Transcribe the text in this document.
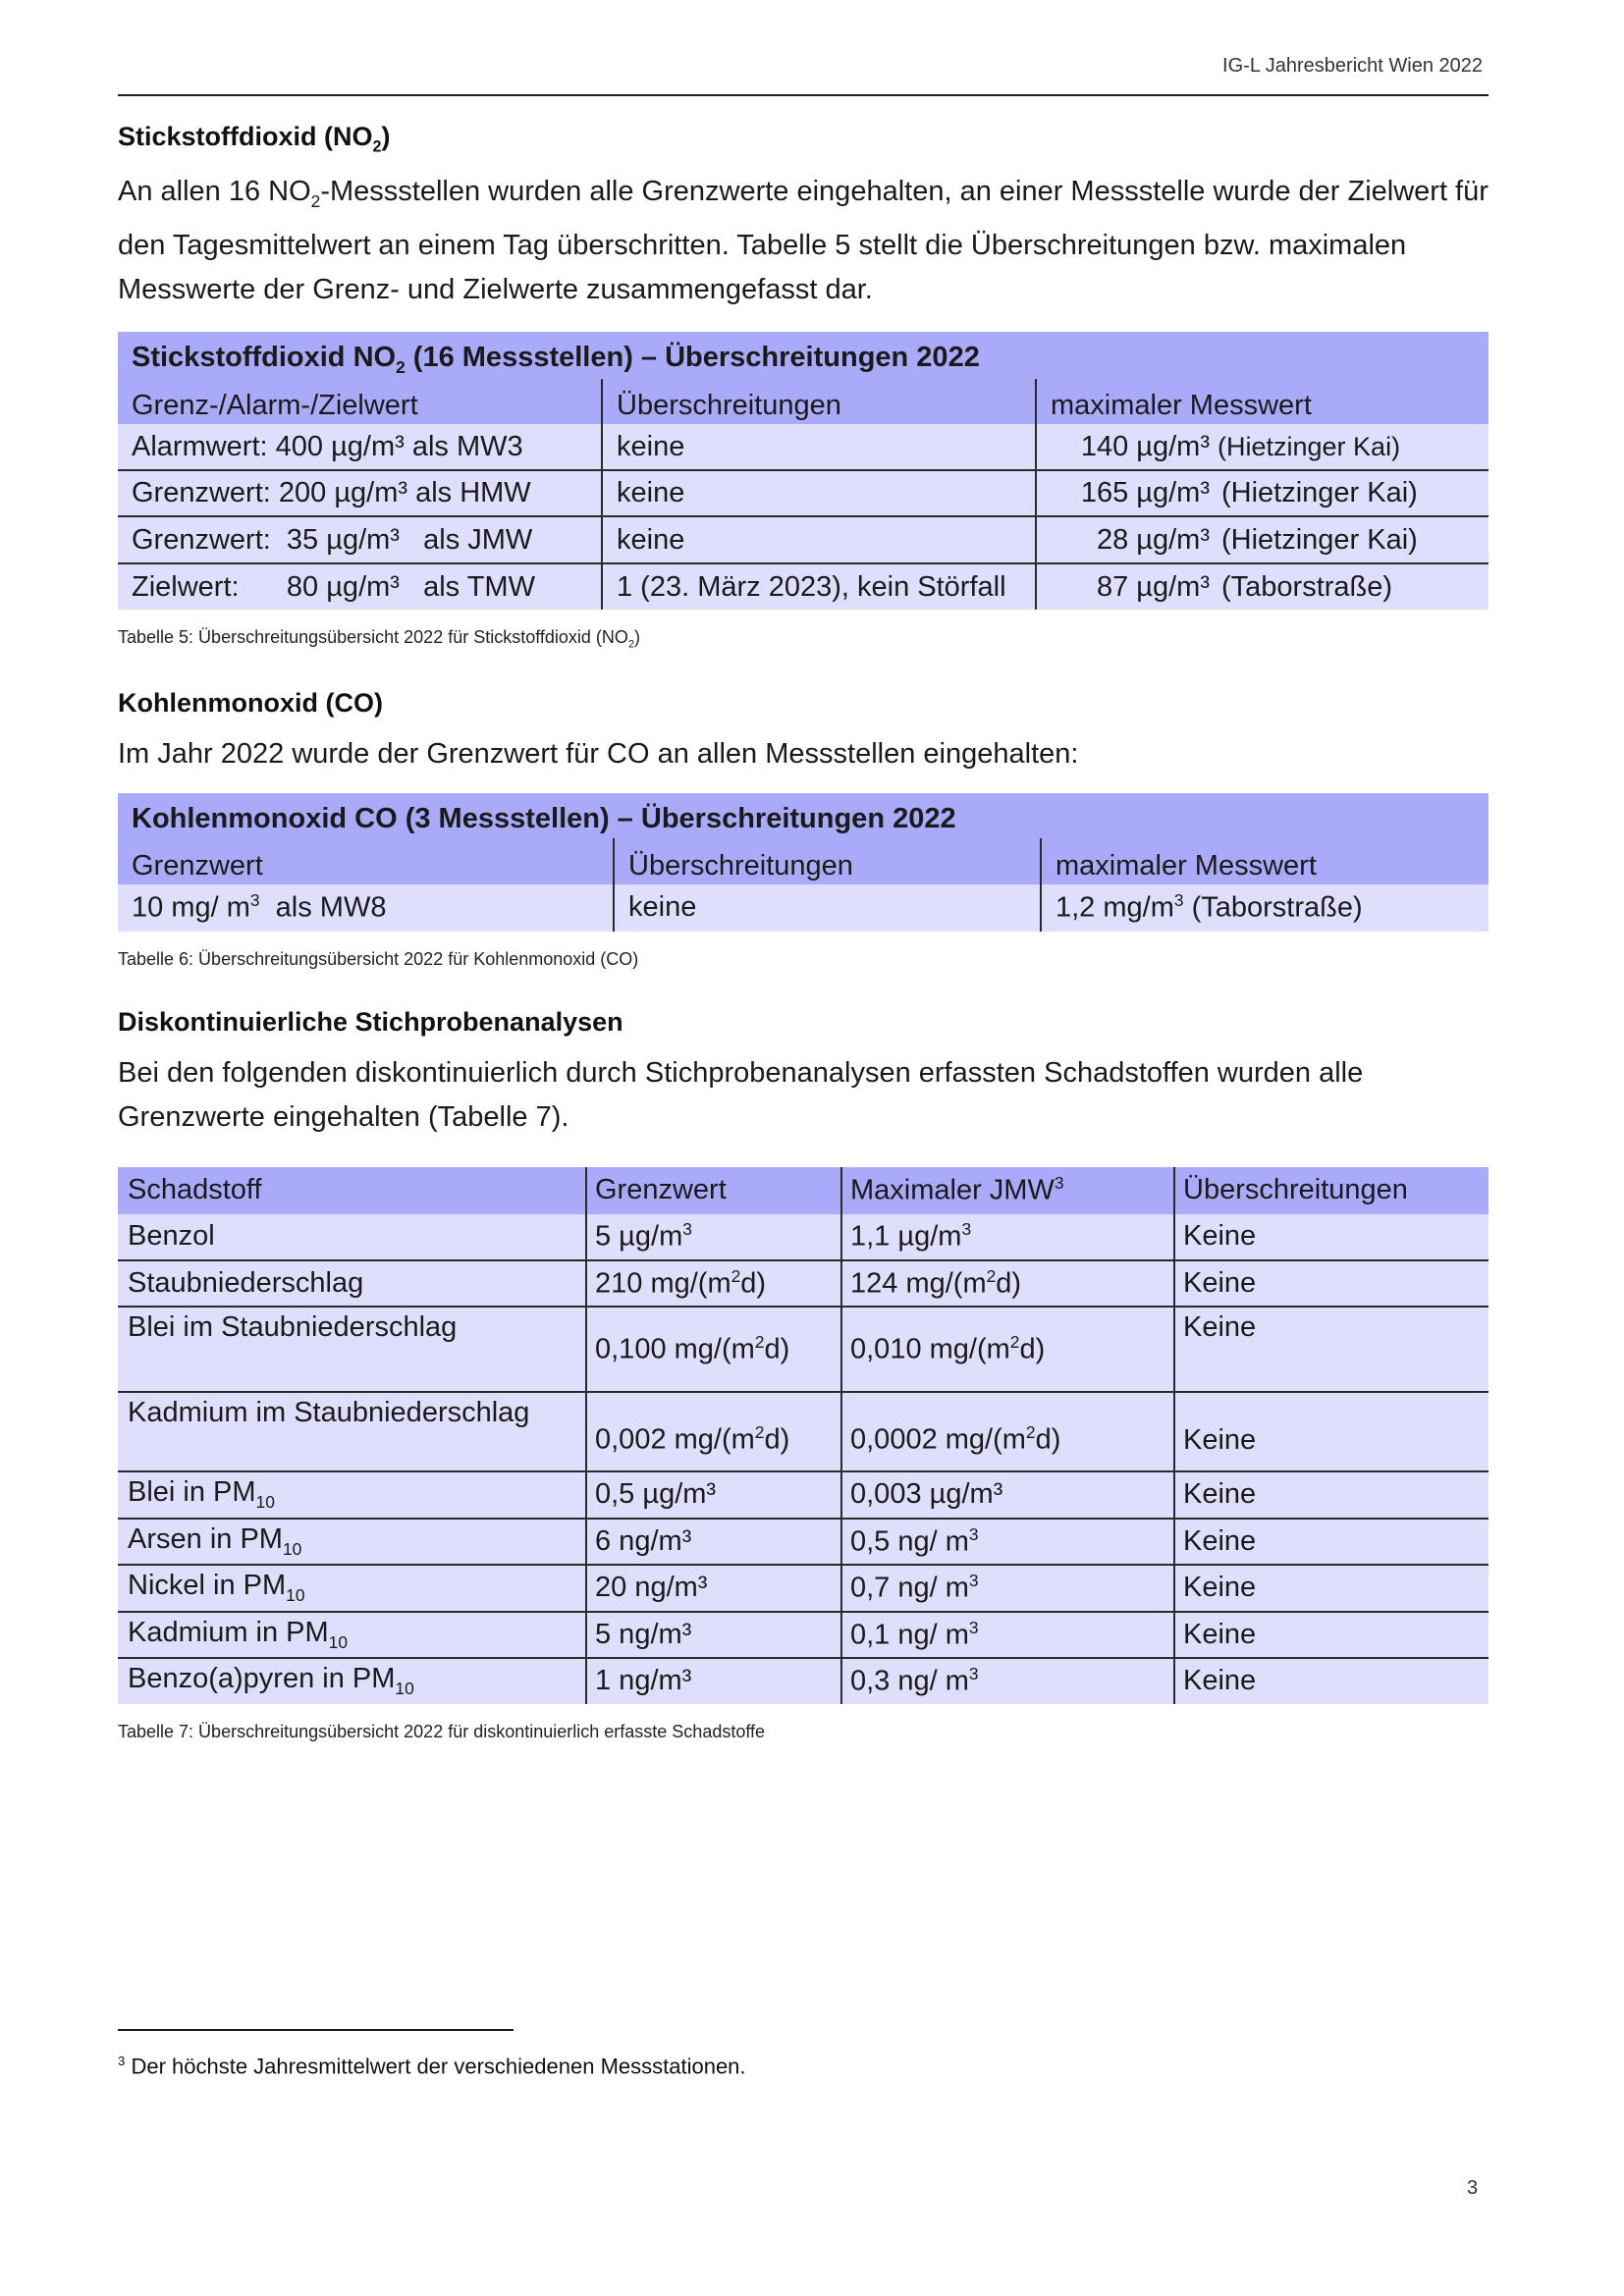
IG-L Jahresbericht Wien 2022
Stickstoffdioxid $(NO_2)$

An allen 16 $NO_2$-Messstellen wurden alle Grenzwerte eingehalten, an einer Messstelle wurde der Zielwert für
den Tagesmittelwert an einem Tag überschritten. Tabelle 5 stellt die Überschreitungen bzw. maximalen
Messwerte der Grenz- und Zielwerte zusammengefasst dar.

Stickstoffdioxid $NO_2$ (16 Messstellen) – Überschreitungen 2022		
Grenz-/Alarm-/Zielwert	Überschreitungen	maximaler Messwert
Alarmwert: 400 µg/m³ als MW3	keine	140 µg/m³ (Hietzinger Kai)
Grenzwert: 200 µg/m³ als HMW	keine	165 µg/m³ (Hietzinger Kai)
Grenzwert:  35 µg/m³   als JMW	keine	28 µg/m³ (Hietzinger Kai)
Zielwert:      80 µg/m³   als TMW	1 (23. März 2023), kein Störfall	87 µg/m³ (Taborstraße)

Tabelle 5: Überschreitungsübersicht 2022 für Stickstoffdioxid $(NO_2)$

Kohlenmonoxid (CO)

Im Jahr 2022 wurde der Grenzwert für CO an allen Messstellen eingehalten:

Kohlenmonoxid CO (3 Messstellen) – Überschreitungen 2022		
Grenzwert	Überschreitungen	maximaler Messwert
10 mg/ $m^3$  als MW8	keine	1,2 $mg/m^3$ (Taborstraße)

Tabelle 6: Überschreitungsübersicht 2022 für Kohlenmonoxid (CO)

Diskontinuierliche Stichprobenanalysen

Bei den folgenden diskontinuierlich durch Stichprobenanalysen erfassten Schadstoffen wurden alle
Grenzwerte eingehalten (Tabelle 7).

Schadstoff	Grenzwert	Maximaler JMW$^3$	Überschreitungen
Benzol	5 $\mu g/m^3$	1,1 $\mu g/m^3$	Keine
Staubniederschlag	210 $mg/(m^2d)$	124 $mg/(m^2d)$	Keine
Blei im Staubniederschlag	0,100 $mg/(m^2d)$	0,010 $mg/(m^2d)$	Keine
Kadmium im Staubniederschlag	0,002 $mg/(m^2d)$	0,0002 $mg/(m^2d)$	Keine
Blei in $PM_{10}$	0,5 µg/m³	0,003 µg/m³	Keine
Arsen in $PM_{10}$	6 ng/m³	0,5 ng/ $m^3$	Keine
Nickel in $PM_{10}$	20 ng/m³	0,7 ng/ $m^3$	Keine
Kadmium in $PM_{10}$	5 ng/m³	0,1 ng/ $m^3$	Keine
Benzo(a)pyren in $PM_{10}$	1 ng/m³	0,3 ng/ $m^3$	Keine

Tabelle 7: Überschreitungsübersicht 2022 für diskontinuierlich erfasste Schadstoffe

$^3$ Der höchste Jahresmittelwert der verschiedenen Messstationen.

3
